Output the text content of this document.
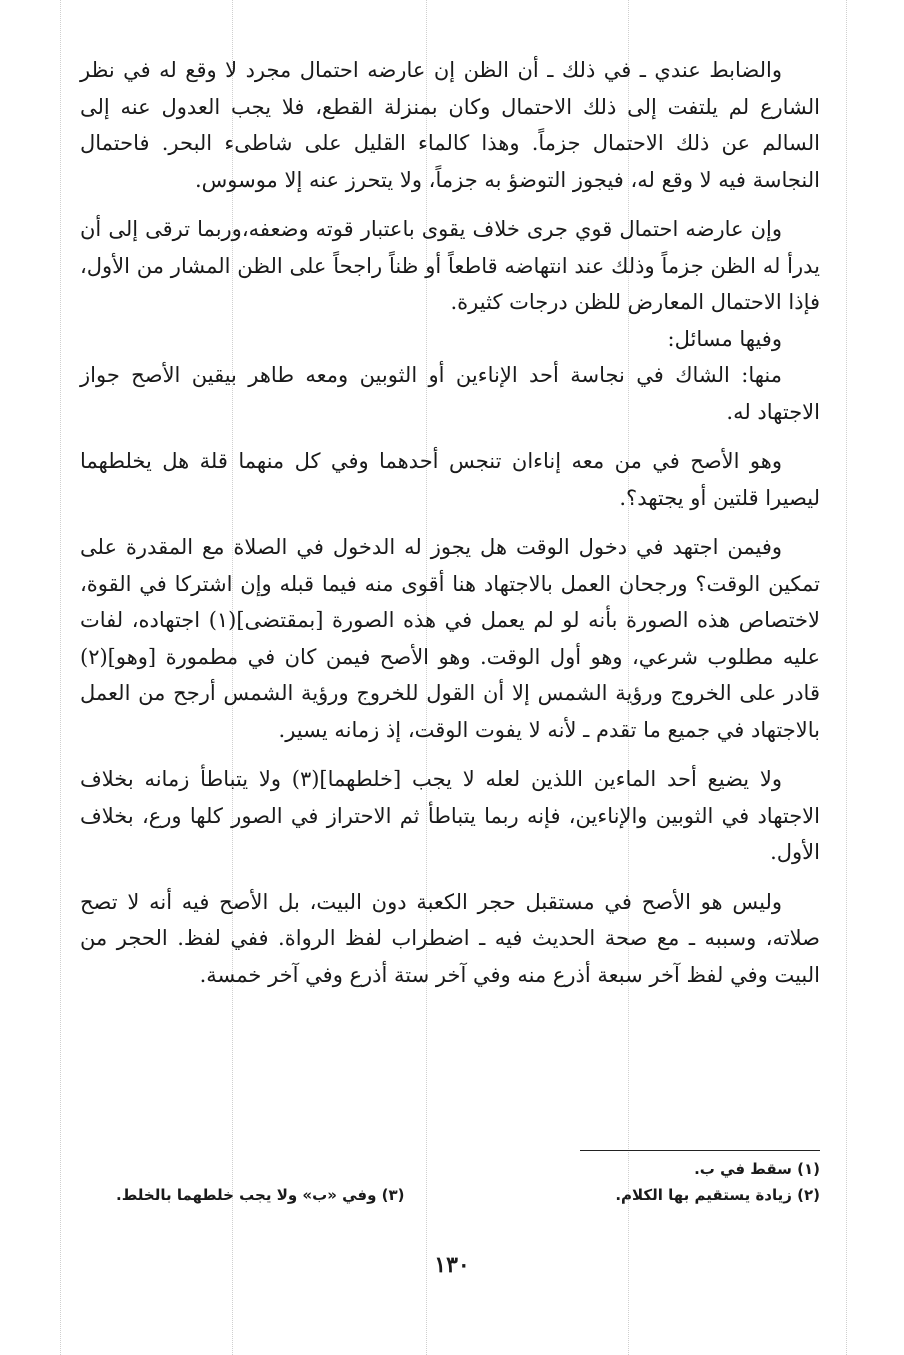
والضابط عندي ـ في ذلك ـ أن الظن إن عارضه احتمال مجرد لا وقع له في نظر الشارع لم يلتفت إلى ذلك الاحتمال وكان بمنزلة القطع، فلا يجب العدول عنه إلى السالم عن ذلك الاحتمال جزماً. وهذا كالماء القليل على شاطىء البحر. فاحتمال النجاسة فيه لا وقع له، فيجوز التوضؤ به جزماً، ولا يتحرز عنه إلا موسوس.

وإن عارضه احتمال قوي جرى خلاف يقوى باعتبار قوته وضعفه،وربما ترقى إلى أن يدرأ له الظن جزماً وذلك عند انتهاضه قاطعاً أو ظناً راجحاً على الظن المشار من الأول، فإذا الاحتمال المعارض للظن درجات كثيرة.

وفيها مسائل:

منها: الشاك في نجاسة أحد الإناءين أو الثوبين ومعه طاهر بيقين الأصح جواز الاجتهاد له.

وهو الأصح في من معه إناءان تنجس أحدهما وفي كل منهما قلة هل يخلطهما ليصيرا قلتين أو يجتهد؟.

وفيمن اجتهد في دخول الوقت هل يجوز له الدخول في الصلاة مع المقدرة على تمكين الوقت؟ ورجحان العمل بالاجتهاد هنا أقوى منه فيما قبله وإن اشتركا في القوة، لاختصاص هذه الصورة بأنه لو لم يعمل في هذه الصورة [بمقتضى](١) اجتهاده، لفات عليه مطلوب شرعي، وهو أول الوقت. وهو الأصح فيمن كان في مطمورة [وهو](٢) قادر على الخروج ورؤية الشمس إلا أن القول للخروج ورؤية الشمس أرجح من العمل بالاجتهاد في جميع ما تقدم ـ لأنه لا يفوت الوقت، إذ زمانه يسير.

ولا يضيع أحد الماءين اللذين لعله لا يجب [خلطهما](٣) ولا يتباطأ زمانه بخلاف الاجتهاد في الثوبين والإناءين، فإنه ربما يتباطأ ثم الاحتراز في الصور كلها ورع، بخلاف الأول.

وليس هو الأصح في مستقبل حجر الكعبة دون البيت، بل الأصح فيه أنه لا تصح صلاته، وسببه ـ مع صحة الحديث فيه ـ اضطراب لفظ الرواة. ففي لفظ. الحجر من البيت وفي لفظ آخر سبعة أذرع منه وفي آخر ستة أذرع وفي آخر خمسة.

(١) سقط في ب.
(٢) زيادة يستقيم بها الكلام.
(٣) وفي «ب» ولا يجب خلطهما بالخلط.
١٣٠
